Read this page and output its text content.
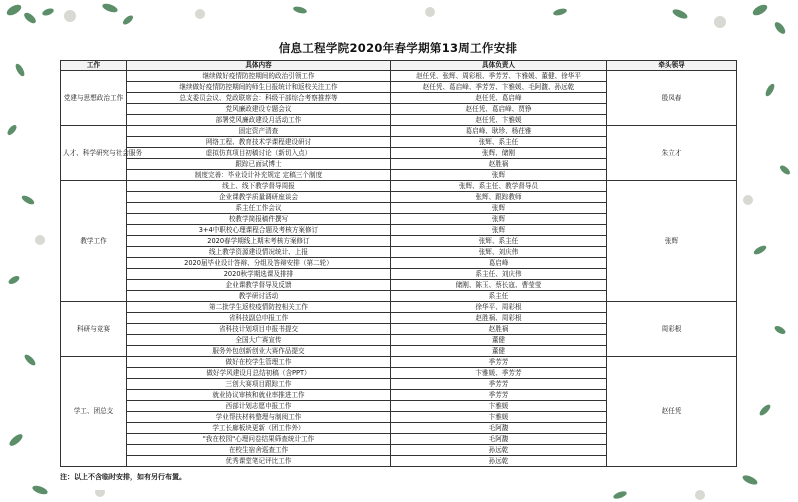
信息工程学院2020年春学期第13周工作安排
工作	具体内容	具体负责人	牵头领导
党建与思想政治工作	继续做好疫情防控期间的政治引领工作	赵任凭、张辉、周彩根、季芳芳、卞雅媛、董健、徐华平	殷凤春
	继续做好疫情防控期间的师生日报统计和返校关注工作	赵任凭、葛启峰、季芳芳、卞雅媛、毛阿馥、孙远乾	
	总支委员会议、党政联席会：科级干部综合考察推荐等	赵任凭、葛启峰	
	党风廉政建设专题会议	赵任凭、葛启峰、贾铮	
	部署党风廉政建设月活动工作	赵任凭、卞雅媛	
人才、科学研究与社会服务	固定资产清查	葛启峰、耿珍、杨茌雅	朱立才
	网络工程、教育技术学课程建设研讨	张辉、系主任	
	虚拟仿真项目初稿讨论（新切入点）	张辉、储刚	
	跟踪已面试博士	赵胜祸	
	制度完善：毕业设计补充规定 定稿三个制度	张辉	
教学工作	线上、线下教学督导周报	张辉、系主任、教学督导员	张辉
	企业课教学质量调研座谈会	张辉、跟踪教师	
	系主任工作会议	张辉	
	校教学简报稿件撰写	张辉	
	3+4中职校心理课程合题及考核方案修订	张辉	
	2020春学期线上期末考核方案修订	张辉、系主任	
	线上教学资源建设情况统计、上报	张辉、刘庆伟	
	2020届毕业设计答辩、分组及答辩安排（第二轮）	葛启峰	
	2020秋学期选课及排排	系主任、刘庆伟	
	企业课教学督导及反馈	储刚、陈玉、蔡长寇、曹莹莹	
	教学研讨活动	系主任	
科研与竞赛	第二批学生返校疫情防控相关工作	徐华平、周彩根	周彩根
	省科技副总申报工作	赵胜祸、周彩根	
	省科技计划项目申报书提交	赵胜祸	
	全国大广赛宣传	董健	
	服务外包创新创业大赛作品提交	董健	
学工、团总支	做好在校学生管理工作	季芳芳	赵任凭
	做好学风建设月总结初稿（含PPT）	卞雅媛、季芳芳	
	三创大赛项目跟踪工作	季芳芳	
	就业协议审核和就业率推进工作	季芳芳	
	西部计划志愿申报工作	卞雅媛	
	学业帮扶材料整理与制阅工作	卞雅媛	
	学工长廊板块更新（团工作外）	毛阿馥	
	"我在校园"心理问卷结果筛查统计工作	毛阿馥	
	在校生宿舍巡查工作	孙远乾	
	优秀课堂笔记评比工作	孙远乾	
注：以上不含临时安排，如有另行布置。
